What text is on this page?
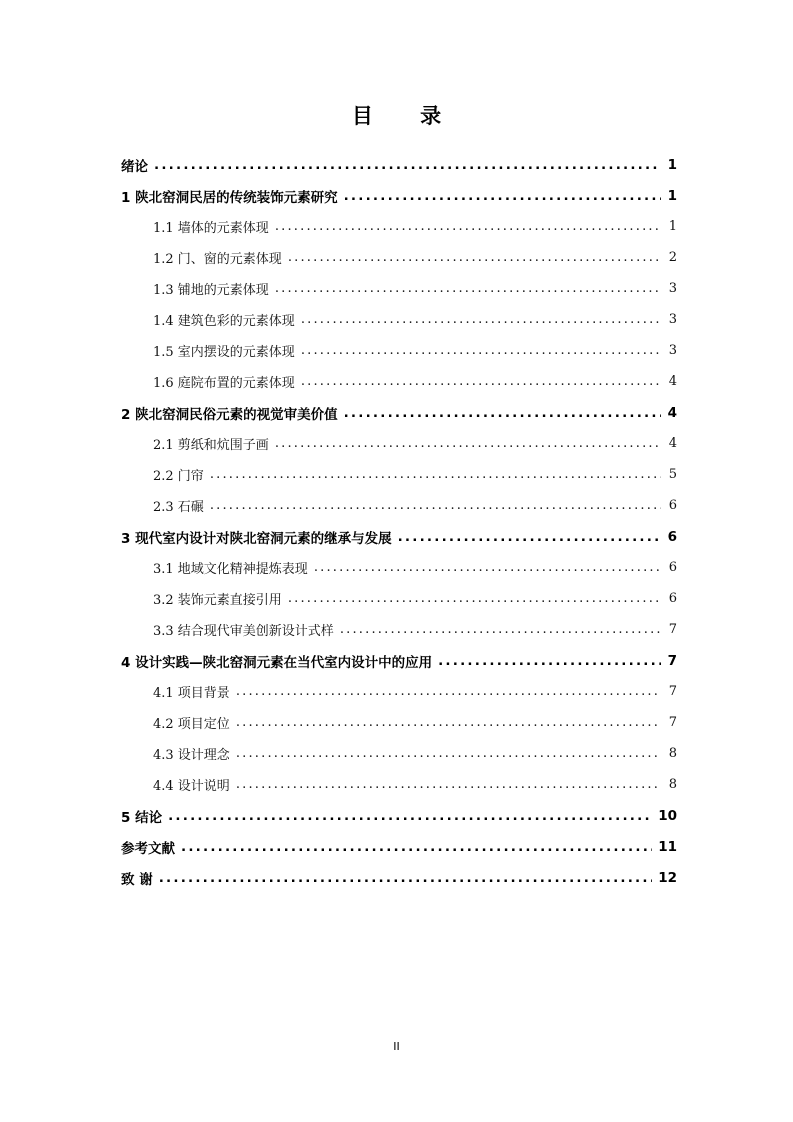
目 录
绪论 .....	1
1 陕北窑洞民居的传统装饰元素研究 .....	1
1.1 墙体的元素体现 .....	1
1.2 门、窗的元素体现 .....	2
1.3 铺地的元素体现 .....	3
1.4 建筑色彩的元素体现 .....	3
1.5 室内摆设的元素体现 .....	3
1.6 庭院布置的元素体现 .....	4
2 陕北窑洞民俗元素的视觉审美价值 .....	4
2.1 剪纸和炕围子画 .....	4
2.2 门帘 .....	5
2.3 石碾 .....	6
3 现代室内设计对陕北窑洞元素的继承与发展 .....	6
3.1 地域文化精神提炼表现 .....	6
3.2 装饰元素直接引用 .....	6
3.3 结合现代审美创新设计式样 .....	7
4 设计实践—陕北窑洞元素在当代室内设计中的应用 .....	7
4.1 项目背景 .....	7
4.2 项目定位 .....	7
4.3 设计理念 .....	8
4.4 设计说明 .....	8
5 结论 .....	10
参考文献 .....	11
致 谢 .....	12
II
